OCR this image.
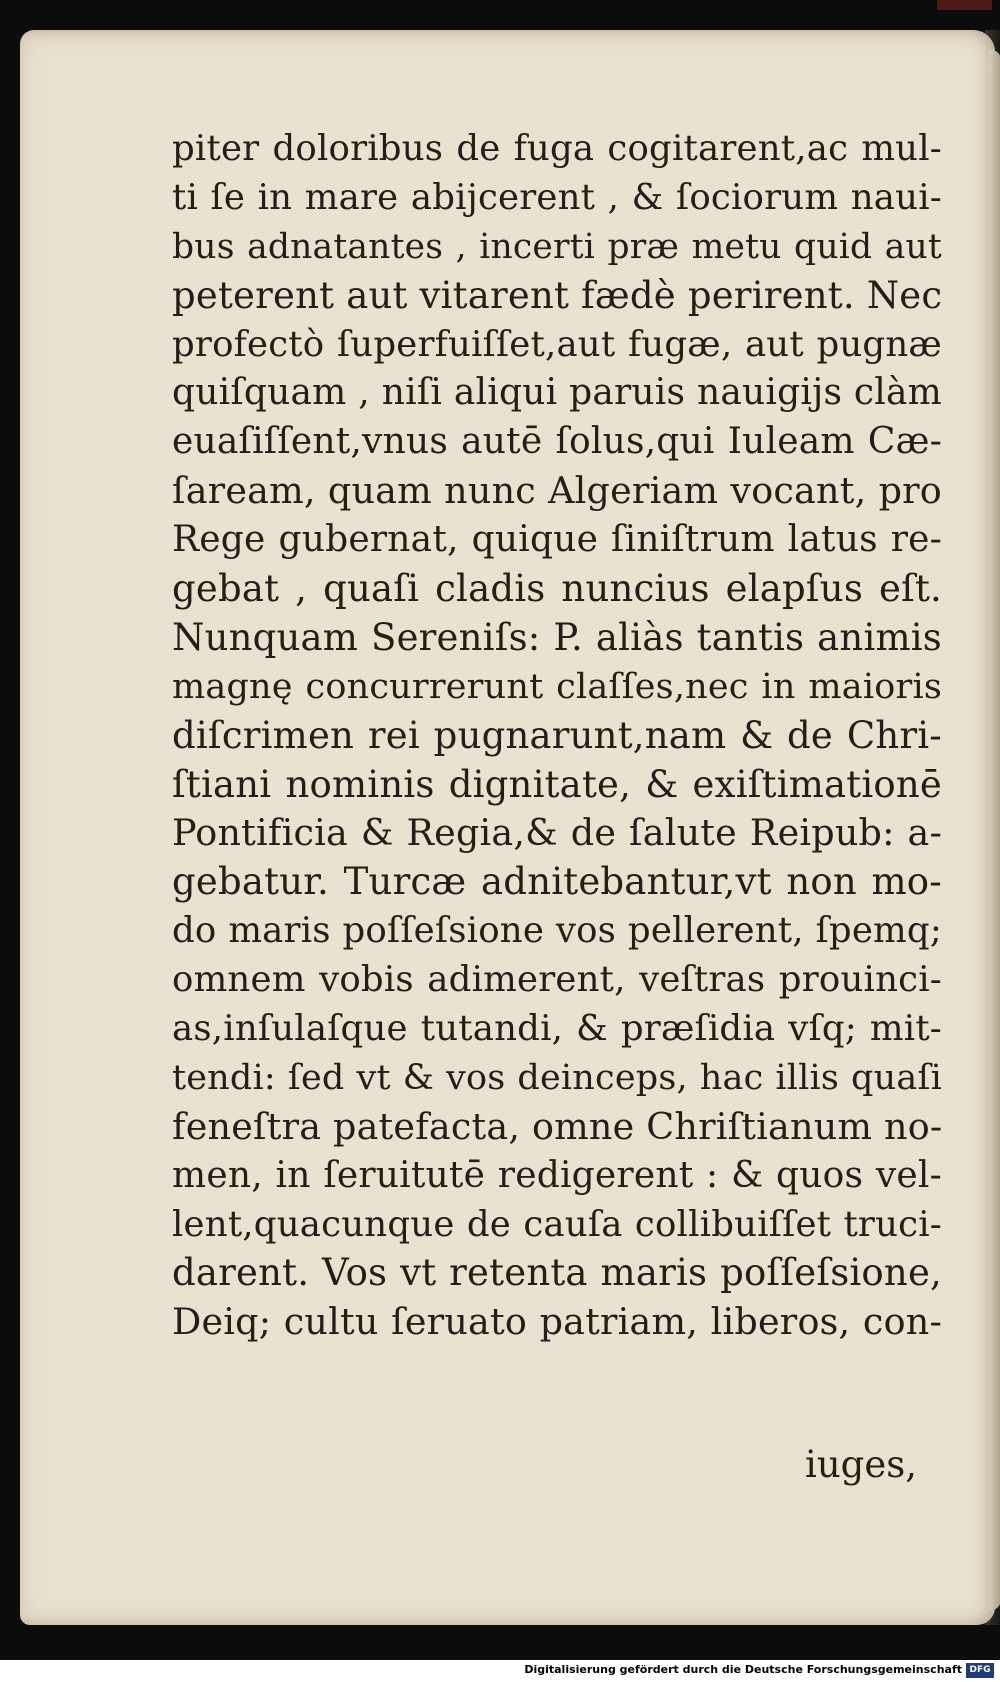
piter doloribus de fuga cogitarent,ac mul-
ti ſe in mare abijcerent , & ſociorum naui-
bus adnatantes , incerti præ metu quid aut
peterent aut vitarent fædè perirent. Nec
profectò ſuperfuiſſet,aut fugæ, aut pugnæ
quiſquam , niſi aliqui paruis nauigijs clàm
euaſiſſent,vnus autē ſolus,qui Iuleam Cæ-
ſaream, quam nunc Algeriam vocant, pro
Rege gubernat, quique ſiniſtrum latus re-
gebat , quaſi cladis nuncius elapſus eſt.
Nunquam Sereniſs: P. aliàs tantis animis
magnę concurrerunt claſſes,nec in maioris
diſcrimen rei pugnarunt,nam & de Chri-
ſtiani nominis dignitate, & exiſtimationē
Pontificia & Regia,& de ſalute Reipub: a-
gebatur. Turcæ adnitebantur,vt non mo-
do maris poſſeſsione vos pellerent, ſpemq;
omnem vobis adimerent, veſtras prouinci-
as,inſulaſque tutandi, & præſidia vſq; mit-
tendi: ſed vt & vos deinceps, hac illis quaſi
feneſtra patefacta, omne Chriſtianum no-
men, in ſeruitutē redigerent : & quos vel-
lent,quacunque de cauſa collibuiſſet truci-
darent. Vos vt retenta maris poſſeſsione,
Deiq; cultu ſeruato patriam, liberos, con-
iuges,
Digitalisierung gefördert durch die Deutsche Forschungsgemeinschaft DFG
